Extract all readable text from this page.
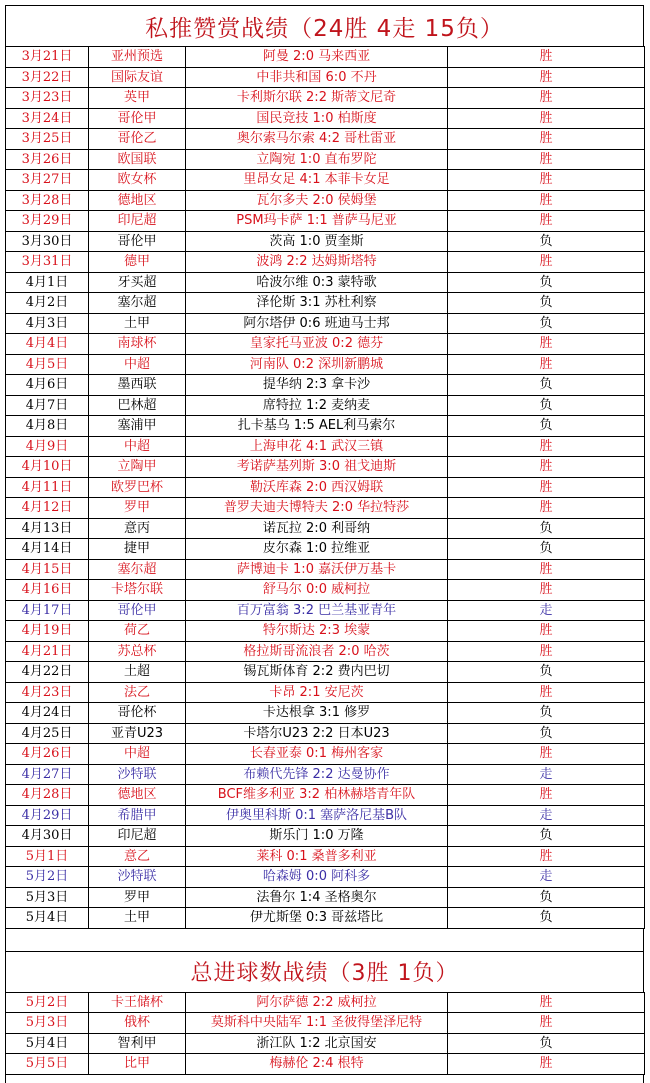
私推赞赏战绩（24胜 4走 15负）
3月21日	亚州预选	阿曼 2:0 马来西亚	胜
3月22日	国际友谊	中非共和国 6:0 不丹	胜
3月23日	英甲	卡利斯尔联 2:2 斯蒂文尼奇	胜
3月24日	哥伦甲	国民竞技 1:0 柏斯度	胜
3月25日	哥伦乙	奥尔索马尔索 4:2 哥杜雷亚	胜
3月26日	欧国联	立陶宛 1:0 直布罗陀	胜
3月27日	欧女杯	里昂女足 4:1 本菲卡女足	胜
3月28日	德地区	瓦尔多夫 2:0 侯姆堡	胜
3月29日	印尼超	PSM玛卡萨 1:1 普萨马尼亚	胜
3月30日	哥伦甲	茨高 1:0 贾奎斯	负
3月31日	德甲	波鸿 2:2 达姆斯塔特	胜
4月1日	牙买超	哈波尔维 0:3 蒙特歌	负
4月2日	塞尔超	泽伦斯 3:1 苏杜利察	负
4月3日	土甲	阿尔塔伊 0:6 班迪马士邦	负
4月4日	南球杯	皇家托马亚波 0:2 德芬	胜
4月5日	中超	河南队 0:2 深圳新鹏城	胜
4月6日	墨西联	提华纳 2:3 拿卡沙	负
4月7日	巴林超	席特拉 1:2 麦纳麦	负
4月8日	塞浦甲	扎卡基乌 1:5 AEL利马索尔	负
4月9日	中超	上海申花 4:1 武汉三镇	胜
4月10日	立陶甲	考诺萨基列斯 3:0 祖戈迪斯	胜
4月11日	欧罗巴杯	勒沃库森 2:0 西汉姆联	胜
4月12日	罗甲	普罗夫迪夫博特夫 2:0 华拉特莎	胜
4月13日	意丙	诺瓦拉 2:0 利哥纳	负
4月14日	捷甲	皮尔森 1:0 拉维亚	负
4月15日	塞尔超	萨博迪卡 1:0 嘉沃伊万基卡	胜
4月16日	卡塔尔联	舒马尔 0:0 威柯拉	胜
4月17日	哥伦甲	百万富翁 3:2 巴兰基亚青年	走
4月19日	荷乙	特尔斯达 2:3 埃蒙	胜
4月21日	苏总杯	格拉斯哥流浪者 2:0 哈茨	胜
4月22日	土超	锡瓦斯体育 2:2 费内巴切	负
4月23日	法乙	卡昂 2:1 安尼茨	胜
4月24日	哥伦杯	卡达根拿 3:1 修罗	负
4月25日	亚青U23	卡塔尔U23 2:2 日本U23	负
4月26日	中超	长春亚泰 0:1 梅州客家	胜
4月27日	沙特联	布赖代先锋 2:2 达曼协作	走
4月28日	德地区	BCF维多利亚 3:2 柏林赫塔青年队	胜
4月29日	希腊甲	伊奥里科斯 0:1 塞萨洛尼基B队	走
4月30日	印尼超	斯乐门 1:0 万隆	负
5月1日	意乙	莱科 0:1 桑普多利亚	胜
5月2日	沙特联	哈森姆 0:0 阿科多	走
5月3日	罗甲	法鲁尔 1:4 圣格奥尔	负
5月4日	土甲	伊尤斯堡 0:3 哥兹塔比	负
总进球数战绩（3胜 1负）
5月2日	卡王储杯	阿尔萨德 2:2 威柯拉	胜
5月3日	俄杯	莫斯科中央陆军 1:1 圣彼得堡泽尼特	胜
5月4日	智利甲	浙江队 1:2 北京国安	负
5月5日	比甲	梅赫伦 2:4 根特	胜
